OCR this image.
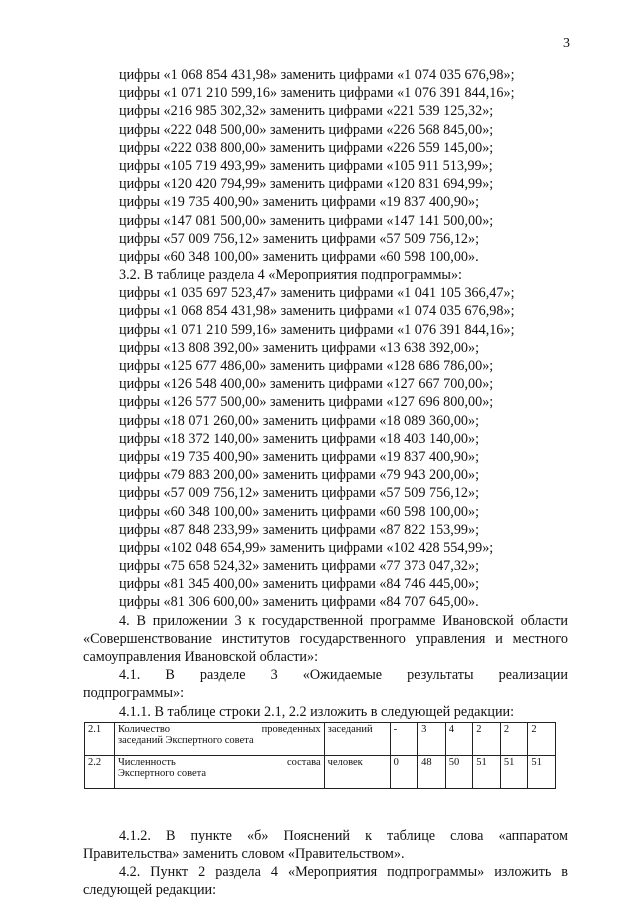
3
цифры «1 068 854 431,98» заменить цифрами «1 074 035 676,98»;
цифры «1 071 210 599,16» заменить цифрами «1 076 391 844,16»;
цифры «216 985 302,32» заменить цифрами «221 539 125,32»;
цифры «222 048 500,00» заменить цифрами «226 568 845,00»;
цифры «222 038 800,00» заменить цифрами «226 559 145,00»;
цифры «105 719 493,99» заменить цифрами «105 911 513,99»;
цифры «120 420 794,99» заменить цифрами «120 831 694,99»;
цифры «19 735 400,90» заменить цифрами «19 837 400,90»;
цифры «147 081 500,00» заменить цифрами «147 141 500,00»;
цифры «57 009 756,12» заменить цифрами «57 509 756,12»;
цифры «60 348 100,00» заменить цифрами «60 598 100,00».
3.2. В таблице раздела 4 «Мероприятия подпрограммы»:
цифры «1 035 697 523,47» заменить цифрами «1 041 105 366,47»;
цифры «1 068 854 431,98» заменить цифрами «1 074 035 676,98»;
цифры «1 071 210 599,16» заменить цифрами «1 076 391 844,16»;
цифры «13 808 392,00» заменить цифрами «13 638 392,00»;
цифры «125 677 486,00» заменить цифрами «128 686 786,00»;
цифры «126 548 400,00» заменить цифрами «127 667 700,00»;
цифры «126 577 500,00» заменить цифрами «127 696 800,00»;
цифры «18 071 260,00» заменить цифрами «18 089 360,00»;
цифры «18 372 140,00» заменить цифрами «18 403 140,00»;
цифры «19 735 400,90» заменить цифрами «19 837 400,90»;
цифры «79 883 200,00» заменить цифрами «79 943 200,00»;
цифры «57 009 756,12» заменить цифрами «57 509 756,12»;
цифры «60 348 100,00» заменить цифрами «60 598 100,00»;
цифры «87 848 233,99» заменить цифрами «87 822 153,99»;
цифры «102 048 654,99» заменить цифрами «102 428 554,99»;
цифры «75 658 524,32» заменить цифрами «77 373 047,32»;
цифры «81 345 400,00» заменить цифрами «84 746 445,00»;
цифры «81 306 600,00» заменить цифрами «84 707 645,00».
4. В приложении 3 к государственной программе Ивановской области «Совершенствование институтов государственного управления и местного самоуправления Ивановской области»:
4.1. В разделе 3 «Ожидаемые результаты реализации
подпрограммы»:
4.1.1. В таблице строки 2.1, 2.2 изложить в следующей редакции:
2.1	Количество проведенных
заседаний Экспертного совета	заседаний	-	3	4	2	2	2
2.2	Численность состава
Экспертного совета	человек	0	48	50	51	51	51
4.1.2. В пункте «б» Пояснений к таблице слова «аппаратом Правительства» заменить словом «Правительством».
4.2. Пункт 2 раздела 4 «Мероприятия подпрограммы» изложить в следующей редакции:
